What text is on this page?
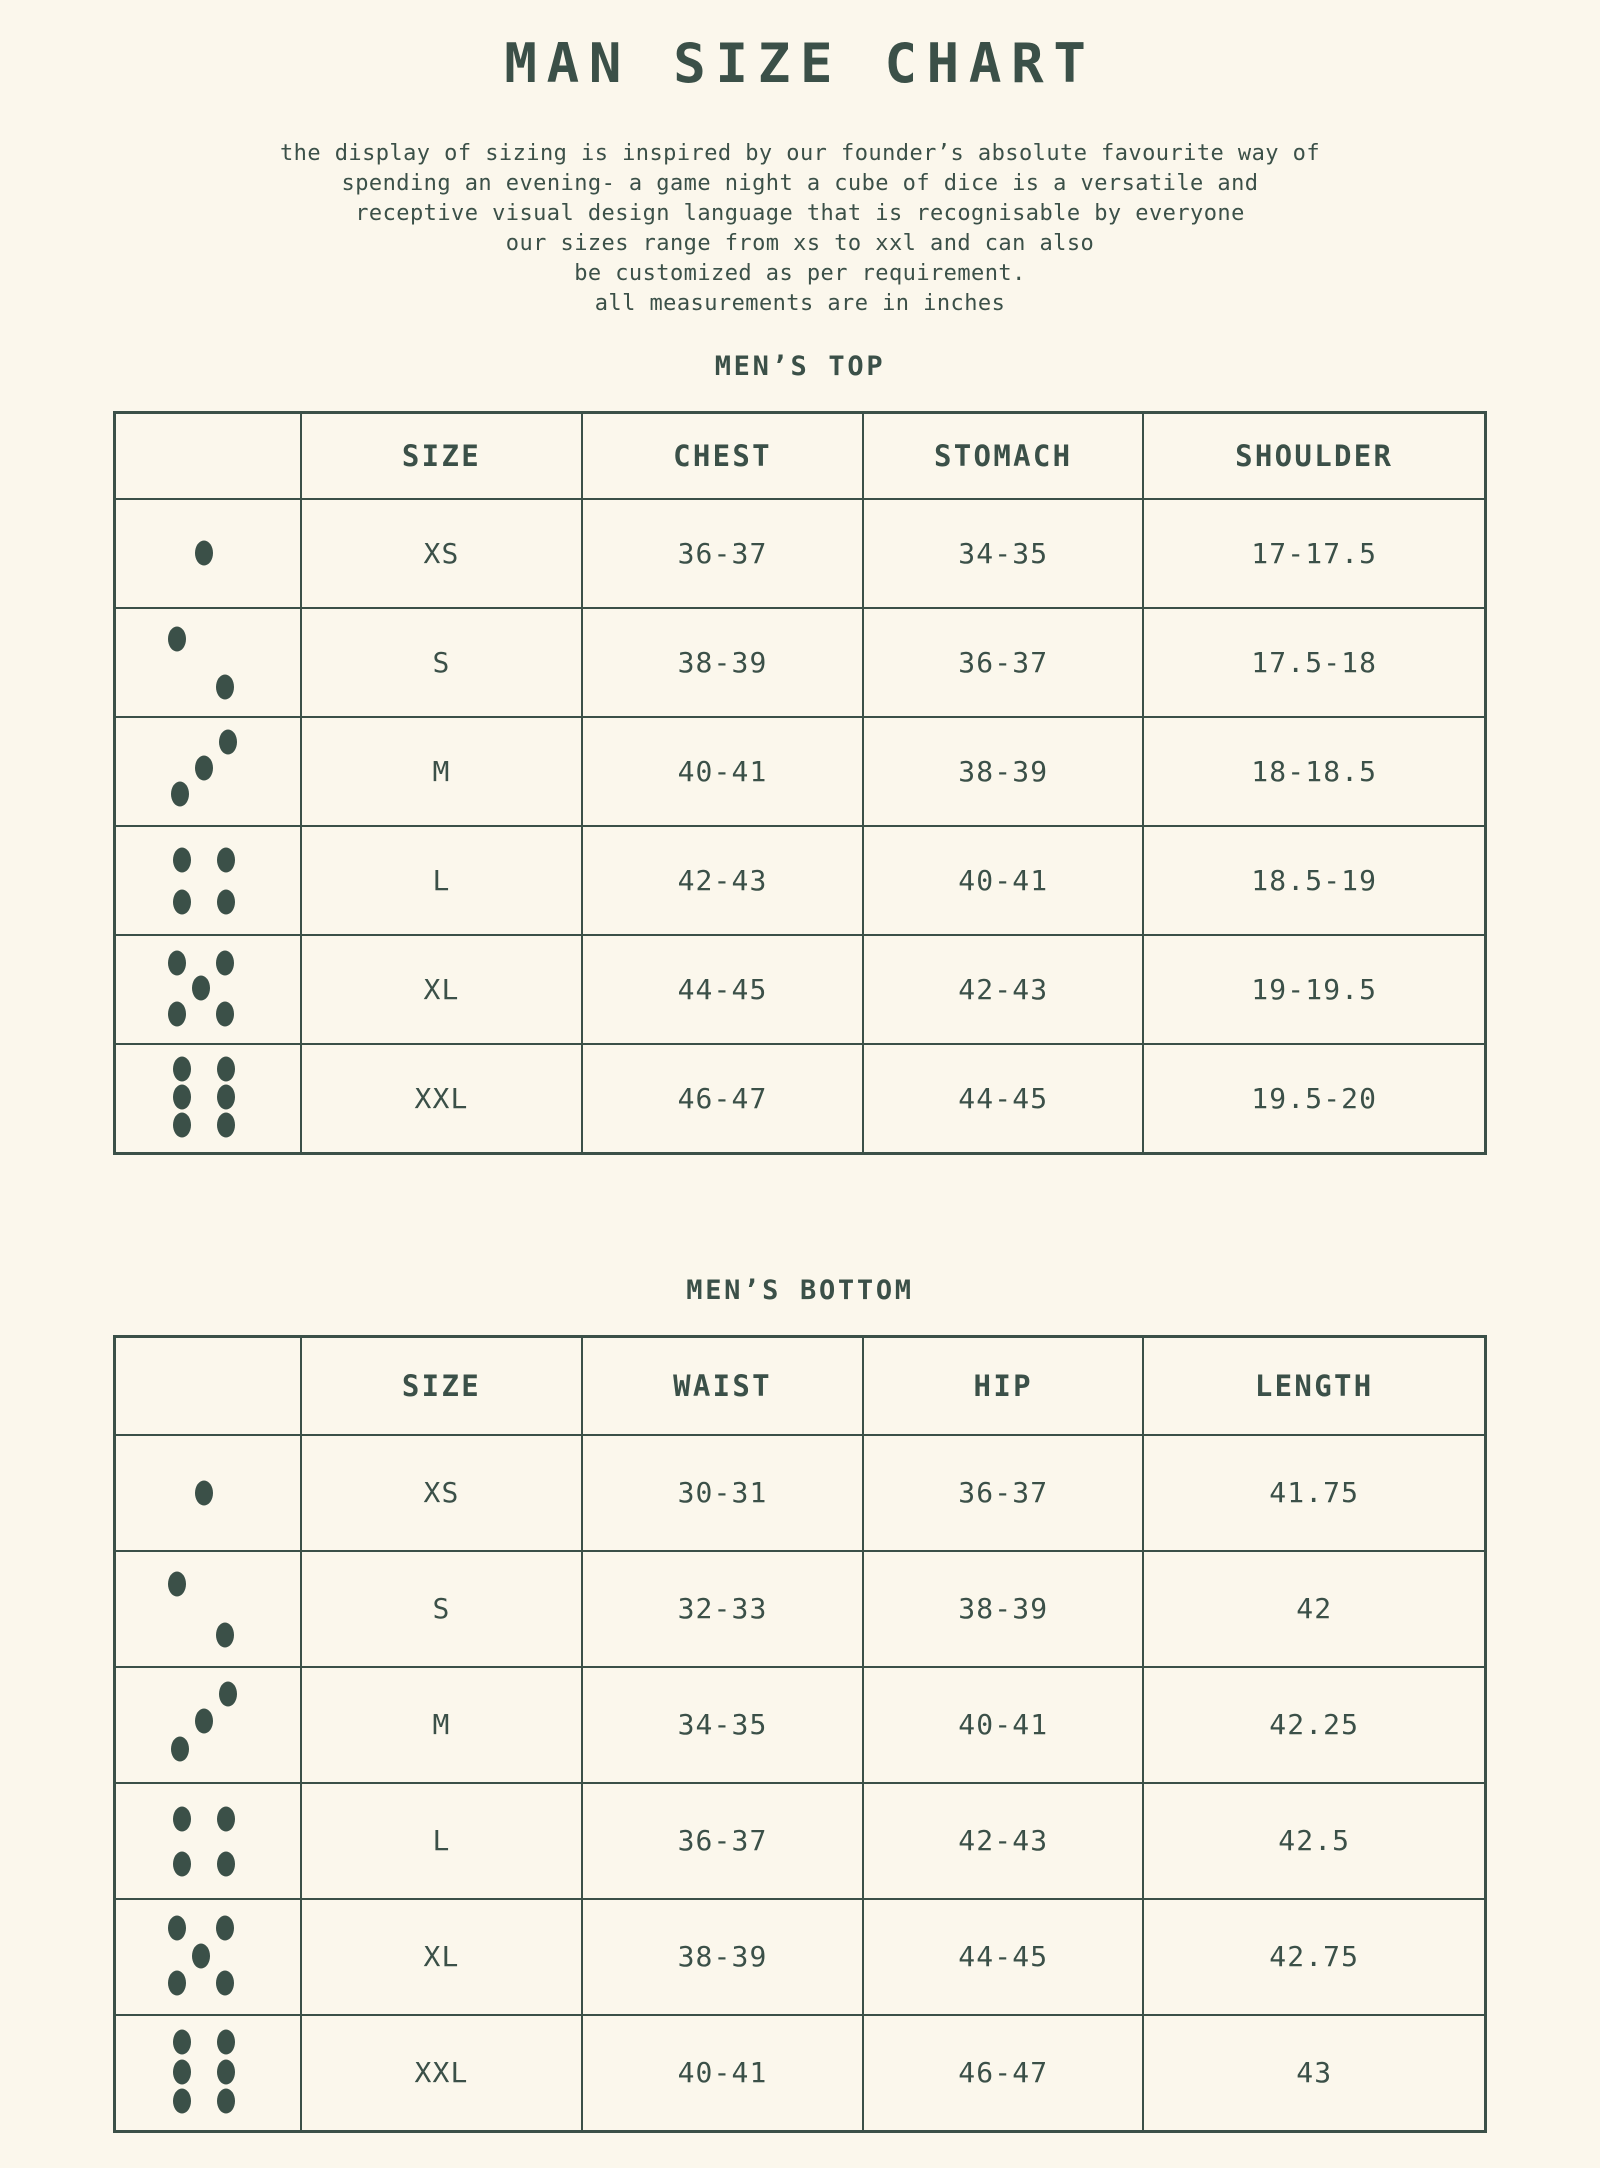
MAN SIZE CHART

the display of sizing is inspired by our founder’s absolute favourite way of

spending an evening- a game night a cube of dice is a versatile and

receptive visual design language that is recognisable by everyone

our sizes range from xs to xxl and can also

be customized as per requirement.

all measurements are in inches

MEN’S TOP
	SIZE	CHEST	STOMACH	SHOULDER

	XS	36-37	34-35	17-17.5

	S	38-39	36-37	17.5-18

	M	40-41	38-39	18-18.5

	L	42-43	40-41	18.5-19

	XL	44-45	42-43	19-19.5

	XXL	46-47	44-45	19.5-20
MEN’S BOTTOM
	SIZE	WAIST	HIP	LENGTH

	XS	30-31	36-37	41.75

	S	32-33	38-39	42

	M	34-35	40-41	42.25

	L	36-37	42-43	42.5

	XL	38-39	44-45	42.75

	XXL	40-41	46-47	43
